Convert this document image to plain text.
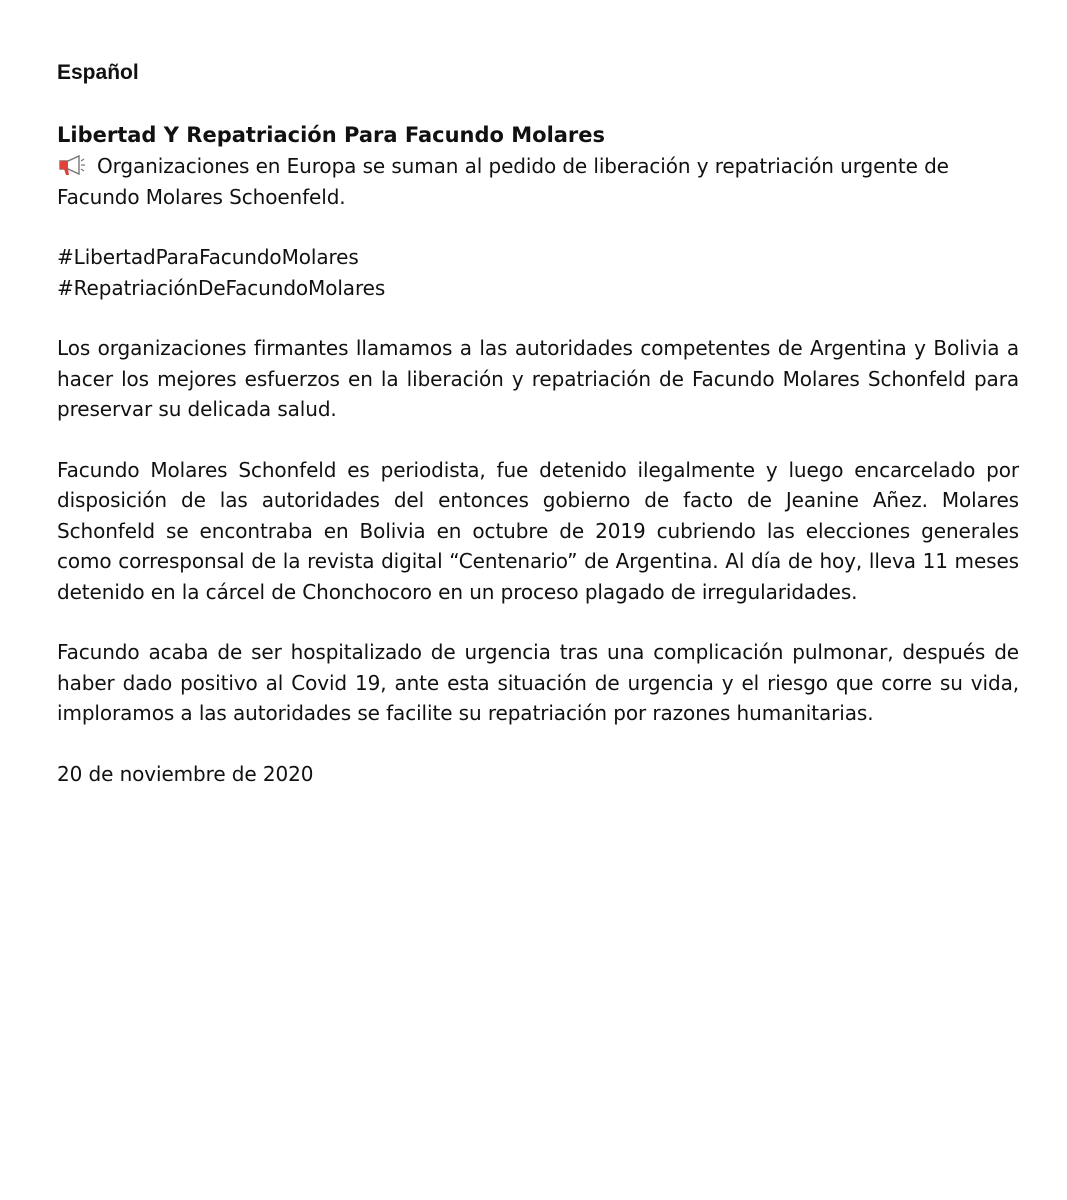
Español
Libertad Y Repatriación Para Facundo Molares

Organizaciones en Europa se suman al pedido de liberación y repatriación urgente de Facundo Molares Schoenfeld.

#LibertadParaFacundoMolares
#RepatriaciónDeFacundoMolares

Los organizaciones firmantes llamamos a las autoridades competentes de Argentina y Bolivia a hacer los mejores esfuerzos en la liberación y repatriación de Facundo Molares Schonfeld para preservar su delicada salud.

Facundo Molares Schonfeld es periodista, fue detenido ilegalmente y luego encarcelado por disposición de las autoridades del entonces gobierno de facto de Jeanine Añez. Molares Schonfeld se encontraba en Bolivia en octubre de 2019 cubriendo las elecciones generales como corresponsal de la revista digital “Centenario” de Argentina. Al día de hoy, lleva 11 meses detenido en la cárcel de Chonchocoro en un proceso plagado de irregularidades.

Facundo acaba de ser hospitalizado de urgencia tras una complicación pulmonar, después de haber dado positivo al Covid 19, ante esta situación de urgencia y el riesgo que corre su vida, imploramos a las autoridades se facilite su repatriación por razones humanitarias.

20 de noviembre de 2020
